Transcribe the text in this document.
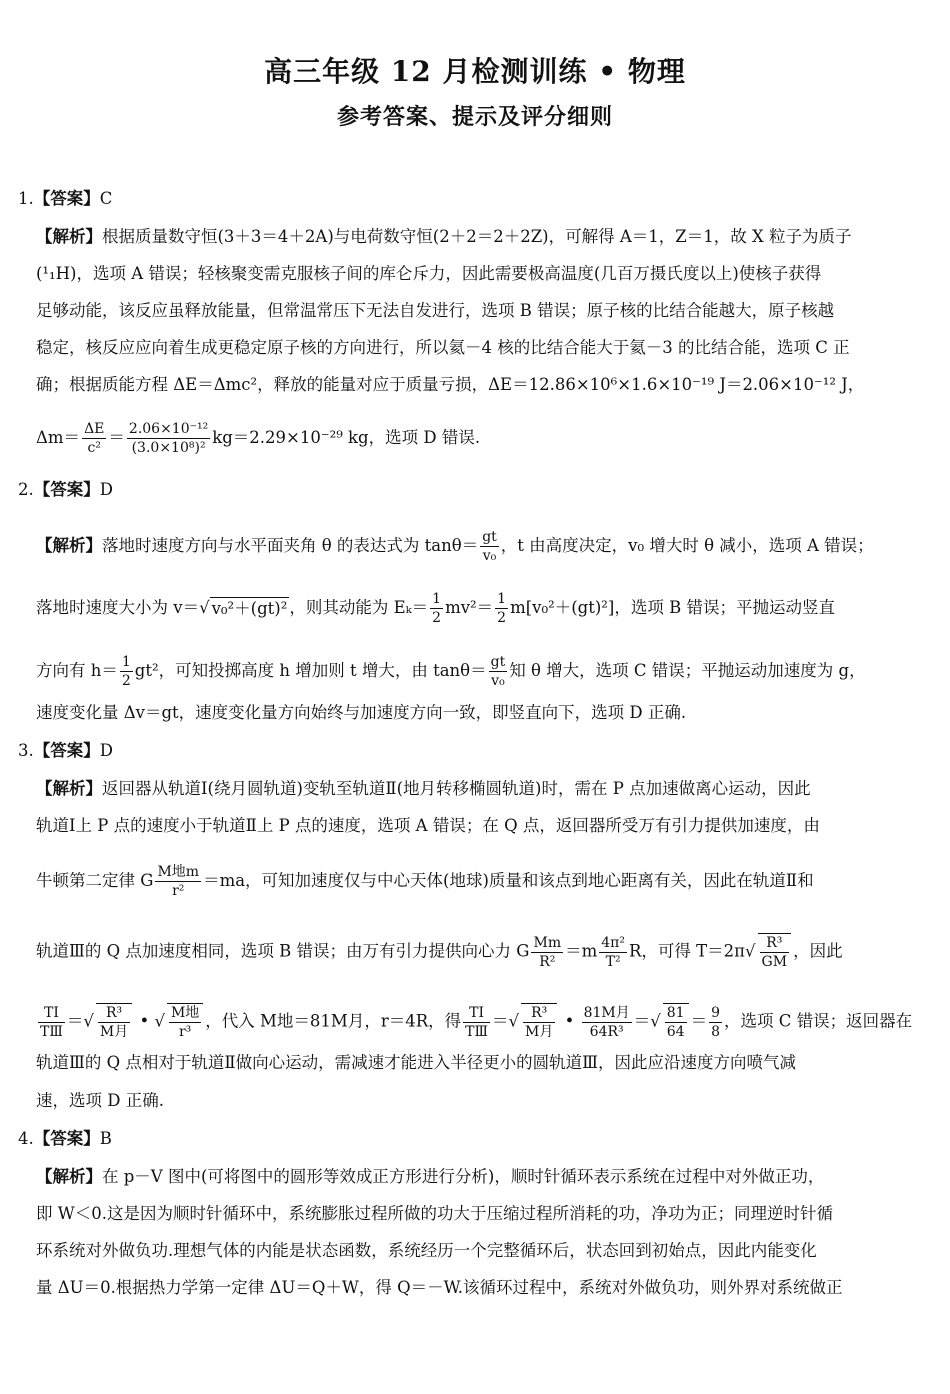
高三年级 12 月检测训练 • 物理
参考答案、提示及评分细则
1.【答案】C
【解析】根据质量数守恒(3＋3＝4＋2A)与电荷数守恒(2＋2＝2＋2Z)，可解得 A＝1，Z＝1，故 X 粒子为质子
(¹₁H)，选项 A 错误；轻核聚变需克服核子间的库仑斥力，因此需要极高温度(几百万摄氏度以上)使核子获得
足够动能，该反应虽释放能量，但常温常压下无法自发进行，选项 B 错误；原子核的比结合能越大，原子核越
稳定，核反应应向着生成更稳定原子核的方向进行，所以氦－4 核的比结合能大于氦－3 的比结合能，选项 C 正
确；根据质能方程 ΔE＝Δmc²，释放的能量对应于质量亏损，ΔE＝12.86×10⁶×1.6×10⁻¹⁹ J＝2.06×10⁻¹² J，
$\Delta m= \frac{\Delta E}{\text{c²}} = \frac{\text{2.06×10⁻¹²}}{\text{(3.0×10⁸)²}} kg=2.29\times 10^{-29}$ kg，选项 D 错误.
2.【答案】D
【解析】落地时速度方向与水平面夹角 θ 的表达式为 $\tan\theta= \frac{gt}{\text{v₀}}$ ，t 由高度决定，v₀ 增大时 θ 减小，选项 A 错误；
落地时速度大小为 v＝√ v₀²＋(gt)² ，则其动能为 $E_k= \frac{1}{2} mv^2= \frac{1}{2} m[v_0^2+(gt)^2]$，选项 B 错误；平抛运动竖直
方向有 $h= \frac{1}{2} gt^2$，可知投掷高度 h 增加则 t 增大，由 $\tan\theta= \frac{gt}{\text{v₀}}$ 知 θ 增大，选项 C 错误；平抛运动加速度为 g，
速度变化量 Δv＝gt，速度变化量方向始终与加速度方向一致，即竖直向下，选项 D 正确.
3.【答案】D
【解析】返回器从轨道Ⅰ(绕月圆轨道)变轨至轨道Ⅱ(地月转移椭圆轨道)时，需在 P 点加速做离心运动，因此
轨道Ⅰ上 P 点的速度小于轨道Ⅱ上 P 点的速度，选项 A 错误；在 Q 点，返回器所受万有引力提供加速度，由
牛顿第二定律 G $\frac{\text{M地m}}{\text{r²}} =ma$，可知加速度仅与中心天体(地球)质量和该点到地心距离有关，因此在轨道Ⅱ和
轨道Ⅲ的 Q 点加速度相同，选项 B 错误；由万有引力提供向心力 G $\frac{Mm}{\text{R²}} =m \frac{\text{4π²}}{\text{T²}}$ R，可得 $T=2\pi√ \frac{\text{R³}}{GM}$ ，因此
$\frac{\text{TⅠ}}{\text{TⅢ}}$ ＝√ $\frac{\text{R³}}{\text{M月}}$ • √ $\frac{\text{M地}}{\text{r³}}$ ，代入 M地＝81M月，r＝4R，得 $\frac{\text{TⅠ}}{\text{TⅢ}}$ ＝√ $\frac{\text{R³}}{\text{M月}}$ • $\frac{\text{81M月}}{\text{64R³}}$ ＝√ $\frac{81}{64} = \frac{9}{8}$ ，选项 C 错误；返回器在
轨道Ⅲ的 Q 点相对于轨道Ⅱ做向心运动，需减速才能进入半径更小的圆轨道Ⅲ，因此应沿速度方向喷气减
速，选项 D 正确.
4.【答案】B
【解析】在 p－V 图中(可将图中的圆形等效成正方形进行分析)，顺时针循环表示系统在过程中对外做正功，
即 W＜0.这是因为顺时针循环中，系统膨胀过程所做的功大于压缩过程所消耗的功，净功为正；同理逆时针循
环系统对外做负功.理想气体的内能是状态函数，系统经历一个完整循环后，状态回到初始点，因此内能变化
量 ΔU＝0.根据热力学第一定律 ΔU＝Q＋W，得 Q＝－W.该循环过程中，系统对外做负功，则外界对系统做正
